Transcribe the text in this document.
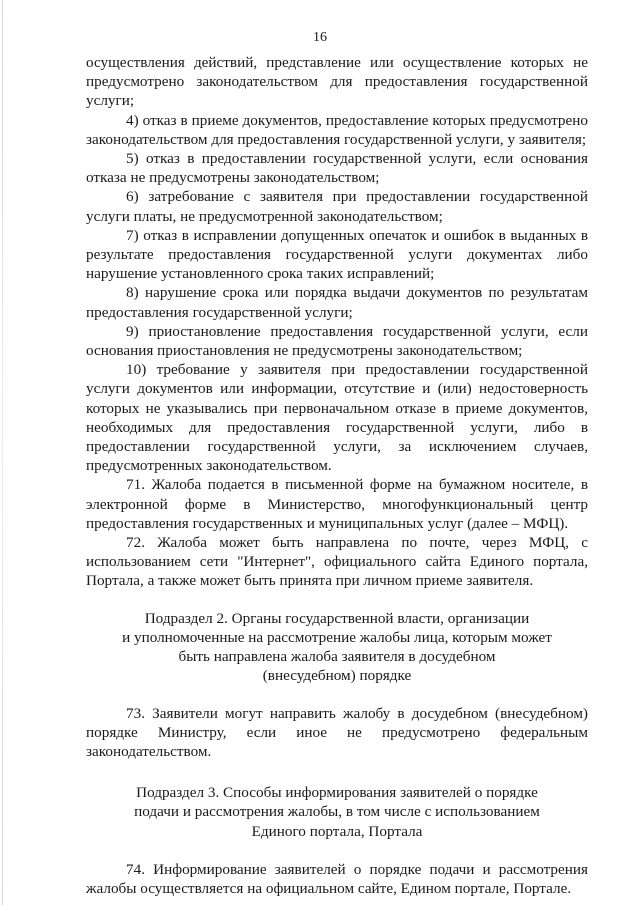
16

осуществления действий, представление или осуществление которых не предусмотрено законодательством для предоставления государственной услуги;

4) отказ в приеме документов, предоставление которых предусмотрено законодательством для предоставления государственной услуги, у заявителя;

5) отказ в предоставлении государственной услуги, если основания отказа не предусмотрены законодательством;

6) затребование с заявителя при предоставлении государственной услуги платы, не предусмотренной законодательством;

7) отказ в исправлении допущенных опечаток и ошибок в выданных в результате предоставления государственной услуги документах либо нарушение установленного срока таких исправлений;

8) нарушение срока или порядка выдачи документов по результатам предоставления государственной услуги;

9) приостановление предоставления государственной услуги, если основания приостановления не предусмотрены законодательством;

10) требование у заявителя при предоставлении государственной услуги документов или информации, отсутствие и (или) недостоверность которых не указывались при первоначальном отказе в приеме документов, необходимых для предоставления государственной услуги, либо в предоставлении государственной услуги, за исключением случаев, предусмотренных законодательством.

71. Жалоба подается в письменной форме на бумажном носителе, в электронной форме в Министерство, многофункциональный центр предоставления государственных и муниципальных услуг (далее – МФЦ).

72. Жалоба может быть направлена по почте, через МФЦ, с использованием сети "Интернет", официального сайта Единого портала, Портала, а также может быть принята при личном приеме заявителя.

Подраздел 2. Органы государственной власти, организации
и уполномоченные на рассмотрение жалобы лица, которым может
быть направлена жалоба заявителя в досудебном
(внесудебном) порядке

73. Заявители могут направить жалобу в досудебном (внесудебном) порядке Министру, если иное не предусмотрено федеральным законодательством.

Подраздел 3. Способы информирования заявителей о порядке
подачи и рассмотрения жалобы, в том числе с использованием
Единого портала, Портала

74. Информирование заявителей о порядке подачи и рассмотрения жалобы осуществляется на официальном сайте, Едином портале, Портале.
